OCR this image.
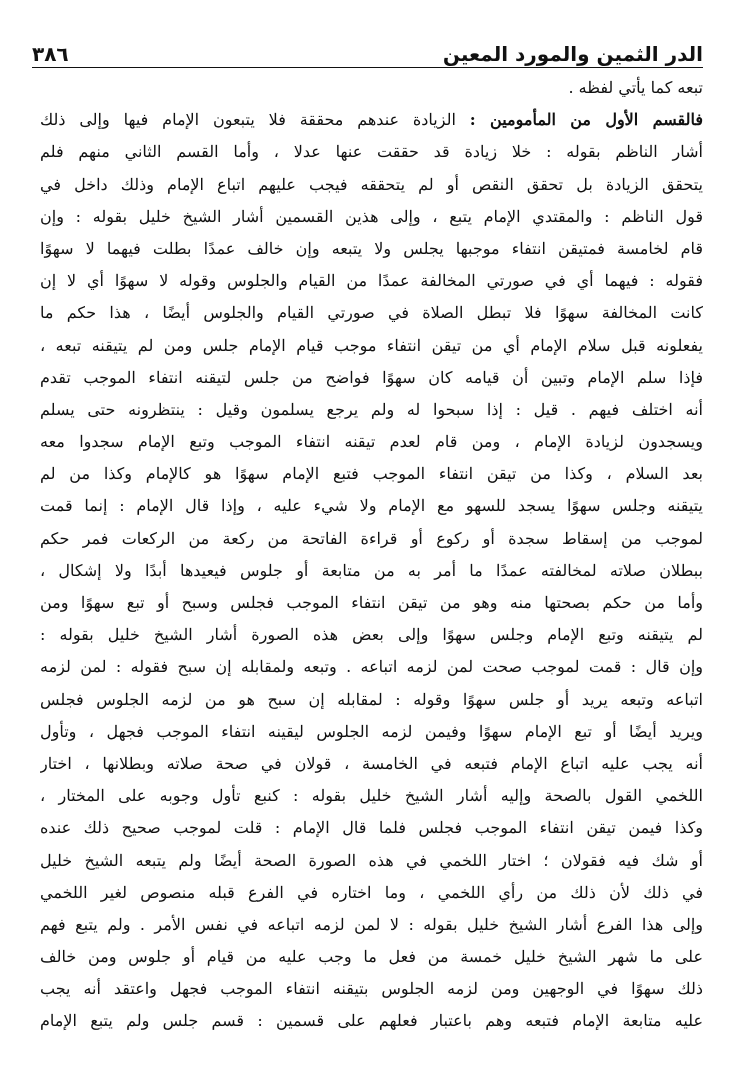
الدر الثمين والمورد المعين
٣٨٦
تبعه كما يأتي لفظه .
فالقسم الأول من المأمومين : الزيادة عندهم محققة فلا يتبعون الإمام فيها وإلى ذلك
أشار الناظم بقوله : خلا زيادة قد حققت عنها عدلا ، وأما القسم الثاني منهم فلم
يتحقق الزيادة بل تحقق النقص أو لم يتحققه فيجب عليهم اتباع الإمام وذلك داخل في
قول الناظم : والمقتدي الإمام يتبع ، وإلى هذين القسمين أشار الشيخ خليل بقوله : وإن
قام لخامسة فمتيقن انتفاء موجبها يجلس ولا يتبعه وإن خالف عمدًا بطلت فيهما لا سهوًا
فقوله : فيهما أي في صورتي المخالفة عمدًا من القيام والجلوس وقوله لا سهوًا أي لا إن
كانت المخالفة سهوًا فلا تبطل الصلاة في صورتي القيام والجلوس أيضًا ، هذا حكم ما
يفعلونه قبل سلام الإمام أي من تيقن انتفاء موجب قيام الإمام جلس ومن لم يتيقنه تبعه ،
فإذا سلم الإمام وتبين أن قيامه كان سهوًا فواضح من جلس لتيقنه انتفاء الموجب تقدم
أنه اختلف فيهم . قيل : إذا سبحوا له ولم يرجع يسلمون وقيل : ينتظرونه حتى يسلم
ويسجدون لزيادة الإمام ، ومن قام لعدم تيقنه انتفاء الموجب وتبع الإمام سجدوا معه
بعد السلام ، وكذا من تيقن انتفاء الموجب فتبع الإمام سهوًا هو كالإمام وكذا من لم
يتيقنه وجلس سهوًا يسجد للسهو مع الإمام ولا شيء عليه ، وإذا قال الإمام : إنما قمت
لموجب من إسقاط سجدة أو ركوع أو قراءة الفاتحة من ركعة من الركعات فمر حكم
ببطلان صلاته لمخالفته عمدًا ما أمر به من متابعة أو جلوس فيعيدها أبدًا ولا إشكال ،
وأما من حكم بصحتها منه وهو من تيقن انتفاء الموجب فجلس وسبح أو تبع سهوًا ومن
لم يتيقنه وتبع الإمام وجلس سهوًا وإلى بعض هذه الصورة أشار الشيخ خليل بقوله :
وإن قال : قمت لموجب صحت لمن لزمه اتباعه . وتبعه ولمقابله إن سبح فقوله : لمن لزمه
اتباعه وتبعه يريد أو جلس سهوًا وقوله : لمقابله إن سبح هو من لزمه الجلوس فجلس
ويريد أيضًا أو تبع الإمام سهوًا وفيمن لزمه الجلوس ليقينه انتفاء الموجب فجهل ، وتأول
أنه يجب عليه اتباع الإمام فتبعه في الخامسة ، قولان في صحة صلاته وبطلانها ، اختار
اللخمي القول بالصحة وإليه أشار الشيخ خليل بقوله : كنبع تأول وجوبه على المختار ،
وكذا فيمن تيقن انتفاء الموجب فجلس فلما قال الإمام : قلت لموجب صحيح ذلك عنده
أو شك فيه فقولان ؛ اختار اللخمي في هذه الصورة الصحة أيضًا ولم يتبعه الشيخ خليل
في ذلك لأن ذلك من رأي اللخمي ، وما اختاره في الفرع قبله منصوص لغير اللخمي
وإلى هذا الفرع أشار الشيخ خليل بقوله : لا لمن لزمه اتباعه في نفس الأمر . ولم يتبع فهم
على ما شهر الشيخ خليل خمسة من فعل ما وجب عليه من قيام أو جلوس ومن خالف
ذلك سهوًا في الوجهين ومن لزمه الجلوس بتيقنه انتفاء الموجب فجهل واعتقد أنه يجب
عليه متابعة الإمام فتبعه وهم باعتبار فعلهم على قسمين : قسم جلس ولم يتبع الإمام
